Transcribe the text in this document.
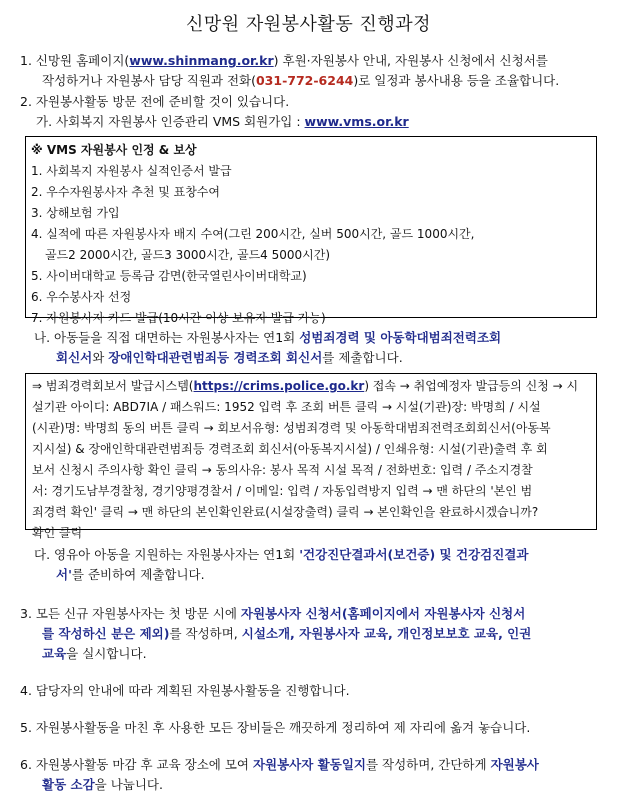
신망원 자원봉사활동 진행과정
1. 신망원 홈페이지(www.shinmang.or.kr) 후원·자원봉사 안내, 자원봉사 신청에서 신청서를
작성하거나 자원봉사 담당 직원과 전화(031-772-6244)로 일정과 봉사내용 등을 조율합니다.
2. 자원봉사활동 방문 전에 준비할 것이 있습니다.
가. 사회복지 자원봉사 인증관리 VMS 회원가입 : www.vms.or.kr
※ VMS 자원봉사 인정 & 보상
1. 사회복지 자원봉사 실적인증서 발급
2. 우수자원봉사자 추천 및 표창수여
3. 상해보험 가입
4. 실적에 따른 자원봉사자 배지 수여(그린 200시간, 실버 500시간, 골드 1000시간,
골드2 2000시간, 골드3 3000시간, 골드4 5000시간)
5. 사이버대학교 등록금 감면(한국열린사이버대학교)
6. 우수봉사자 선정
7. 자원봉사자 카드 발급(10시간 이상 보유자 발급 가능)
나. 아동들을 직접 대면하는 자원봉사자는 연1회 성범죄경력 및 아동학대범죄전력조회
회신서와 장애인학대관련범죄등 경력조회 회신서를 제출합니다.
⇒ 범죄경력회보서 발급시스템(https://crims.police.go.kr) 접속 → 취업예정자 발급등의 신청 → 시
설기관 아이디: ABD7IA / 패스워드: 1952 입력 후 조회 버튼 클릭 → 시설(기관)장: 박명희 / 시설
(시관)명: 박명희 동의 버튼 클릭 → 회보서유형: 성범죄경력 및 아동학대범죄전력조회회신서(아동복
지시설) & 장애인학대관련범죄등 경력조회 회신서(아동복지시설) / 인쇄유형: 시설(기관)출력 후 회
보서 신청시 주의사항 확인 클릭 → 동의사유: 봉사 목적 시설 목적 / 전화번호: 입력 / 주소지경찰
서: 경기도남부경찰청, 경기양평경찰서 / 이메일: 입력 / 자동입력방지 입력 → 맨 하단의 '본인 범
죄경력 확인' 클릭 → 맨 하단의 본인확인완료(시설장출력) 클릭 → 본인확인을 완료하시겠습니까?
확인 클릭
다. 영유아 아동을 지원하는 자원봉사자는 연1회 '건강진단결과서(보건증) 및 건강검진결과
서'를 준비하여 제출합니다.
3. 모든 신규 자원봉사자는 첫 방문 시에 자원봉사자 신청서(홈페이지에서 자원봉사자 신청서
를 작성하신 분은 제외)를 작성하며, 시설소개, 자원봉사자 교육, 개인정보보호 교육, 인권
교육을 실시합니다.
4. 담당자의 안내에 따라 계획된 자원봉사활동을 진행합니다.
5. 자원봉사활동을 마친 후 사용한 모든 장비들은 깨끗하게 정리하여 제 자리에 옮겨 놓습니다.
6. 자원봉사활동 마감 후 교육 장소에 모여 자원봉사자 활동일지를 작성하며, 간단하게 자원봉사
활동 소감을 나눕니다.
